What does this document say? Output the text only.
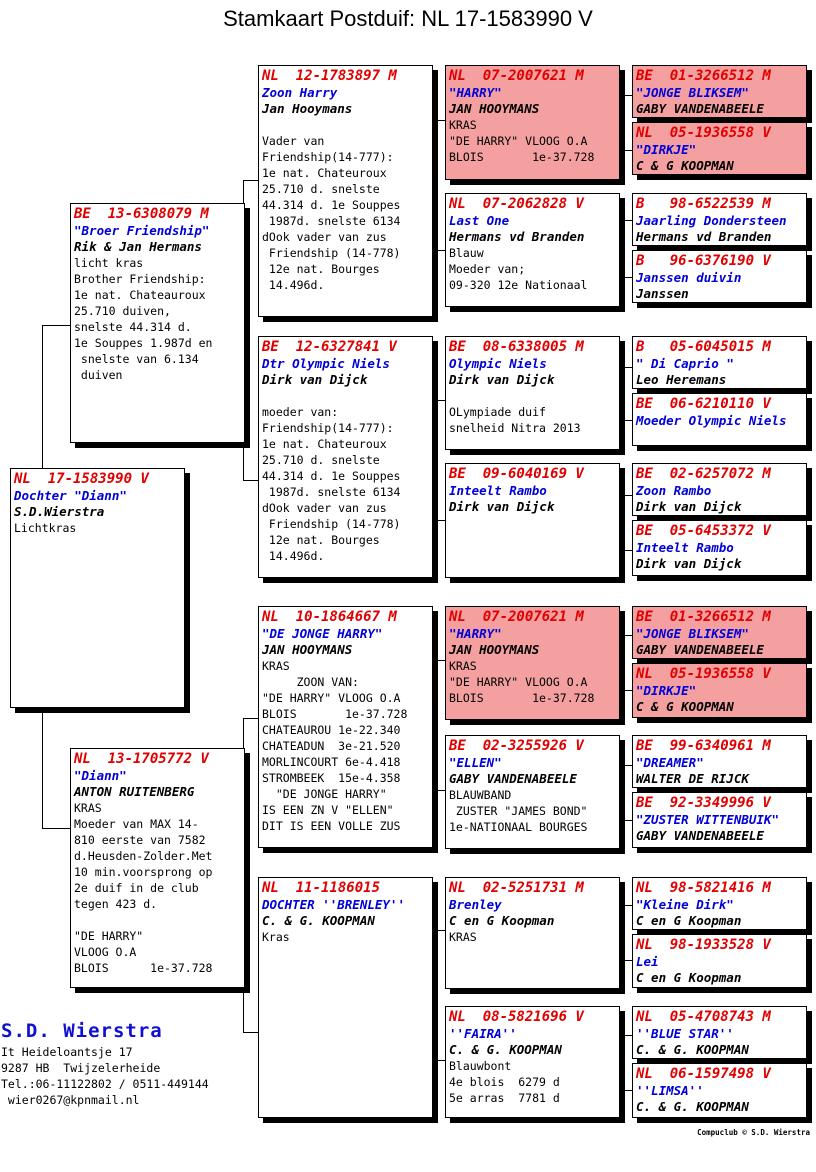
Stamkaart Postduif: NL 17-1583990 V
NL  17-1583990 V
Dochter "Diann"
S.D.Wierstra
Lichtkras
BE  13-6308079 M
"Broer Friendship"
Rik & Jan Hermans
licht kras
Brother Friendship:
1e nat. Chateauroux
25.710 duiven,
snelste 44.314 d.
1e Souppes 1.987d en
snelste van 6.134
duiven
NL  13-1705772 V
"Diann"
ANTON RUITENBERG
KRAS
Moeder van MAX 14-
810 eerste van 7582
d.Heusden-Zolder.Met
10 min.voorsprong op
2e duif in de club
tegen 423 d.

"DE HARRY"
VLOOG O.A
BLOIS      1e-37.728
NL  12-1783897 M
Zoon Harry
Jan Hooymans

Vader van
Friendship(14-777):
1e nat. Chateuroux
25.710 d. snelste
44.314 d. 1e Souppes
1987d. snelste 6134
dOok vader van zus
Friendship (14-778)
12e nat. Bourges
14.496d.
BE  12-6327841 V
Dtr Olympic Niels
Dirk van Dijck

moeder van:
Friendship(14-777):
1e nat. Chateuroux
25.710 d. snelste
44.314 d. 1e Souppes
1987d. snelste 6134
dOok vader van zus
Friendship (14-778)
12e nat. Bourges
14.496d.
NL  10-1864667 M
"DE JONGE HARRY"
JAN HOOYMANS
KRAS
ZOON VAN:
"DE HARRY" VLOOG O.A
BLOIS       1e-37.728
CHATEAUROU 1e-22.340
CHATEADUN  3e-21.520
MORLINCOURT 6e-4.418
STROMBEEK  15e-4.358
"DE JONGE HARRY"
IS EEN ZN V "ELLEN"
DIT IS EEN VOLLE ZUS
NL  11-1186015
DOCHTER ''BRENLEY''
C. & G. KOOPMAN
Kras
NL  07-2007621 M
"HARRY"
JAN HOOYMANS
KRAS
"DE HARRY" VLOOG O.A
BLOIS       1e-37.728
NL  07-2062828 V
Last One
Hermans vd Branden
Blauw
Moeder van;
09-320 12e Nationaal
BE  08-6338005 M
Olympic Niels
Dirk van Dijck

OLympiade duif
snelheid Nitra 2013
BE  09-6040169 V
Inteelt Rambo
Dirk van Dijck
NL  07-2007621 M
"HARRY"
JAN HOOYMANS
KRAS
"DE HARRY" VLOOG O.A
BLOIS       1e-37.728
BE  02-3255926 V
"ELLEN"
GABY VANDENABEELE
BLAUWBAND
ZUSTER "JAMES BOND"
1e-NATIONAAL BOURGES
NL  02-5251731 M
Brenley
C en G Koopman
KRAS
NL  08-5821696 V
''FAIRA''
C. & G. KOOPMAN
Blauwbont
4e blois  6279 d
5e arras  7781 d
BE  01-3266512 M
"JONGE BLIKSEM"
GABY VANDENABEELE
NL  05-1936558 V
"DIRKJE"
C & G KOOPMAN
B   98-6522539 M
Jaarling Dondersteen
Hermans vd Branden
B   96-6376190 V
Janssen duivin
Janssen
B   05-6045015 M
" Di Caprio "
Leo Heremans
BE  06-6210110 V
Moeder Olympic Niels
BE  02-6257072 M
Zoon Rambo
Dirk van Dijck
BE  05-6453372 V
Inteelt Rambo
Dirk van Dijck
BE  01-3266512 M
"JONGE BLIKSEM"
GABY VANDENABEELE
NL  05-1936558 V
"DIRKJE"
C & G KOOPMAN
BE  99-6340961 M
"DREAMER"
WALTER DE RIJCK
BE  92-3349996 V
"ZUSTER WITTENBUIK"
GABY VANDENABEELE
NL  98-5821416 M
"Kleine Dirk"
C en G Koopman
NL  98-1933528 V
Lei
C en G Koopman
NL  05-4708743 M
''BLUE STAR''
C. & G. KOOPMAN
NL  06-1597498 V
''LIMSA''
C. & G. KOOPMAN
S.D. Wierstra
It Heideloantsje 17
9287 HB  Twijzelerheide
Tel.:06-11122802 / 0511-449144
wier0267@kpnmail.nl
Compuclub © S.D. Wierstra
